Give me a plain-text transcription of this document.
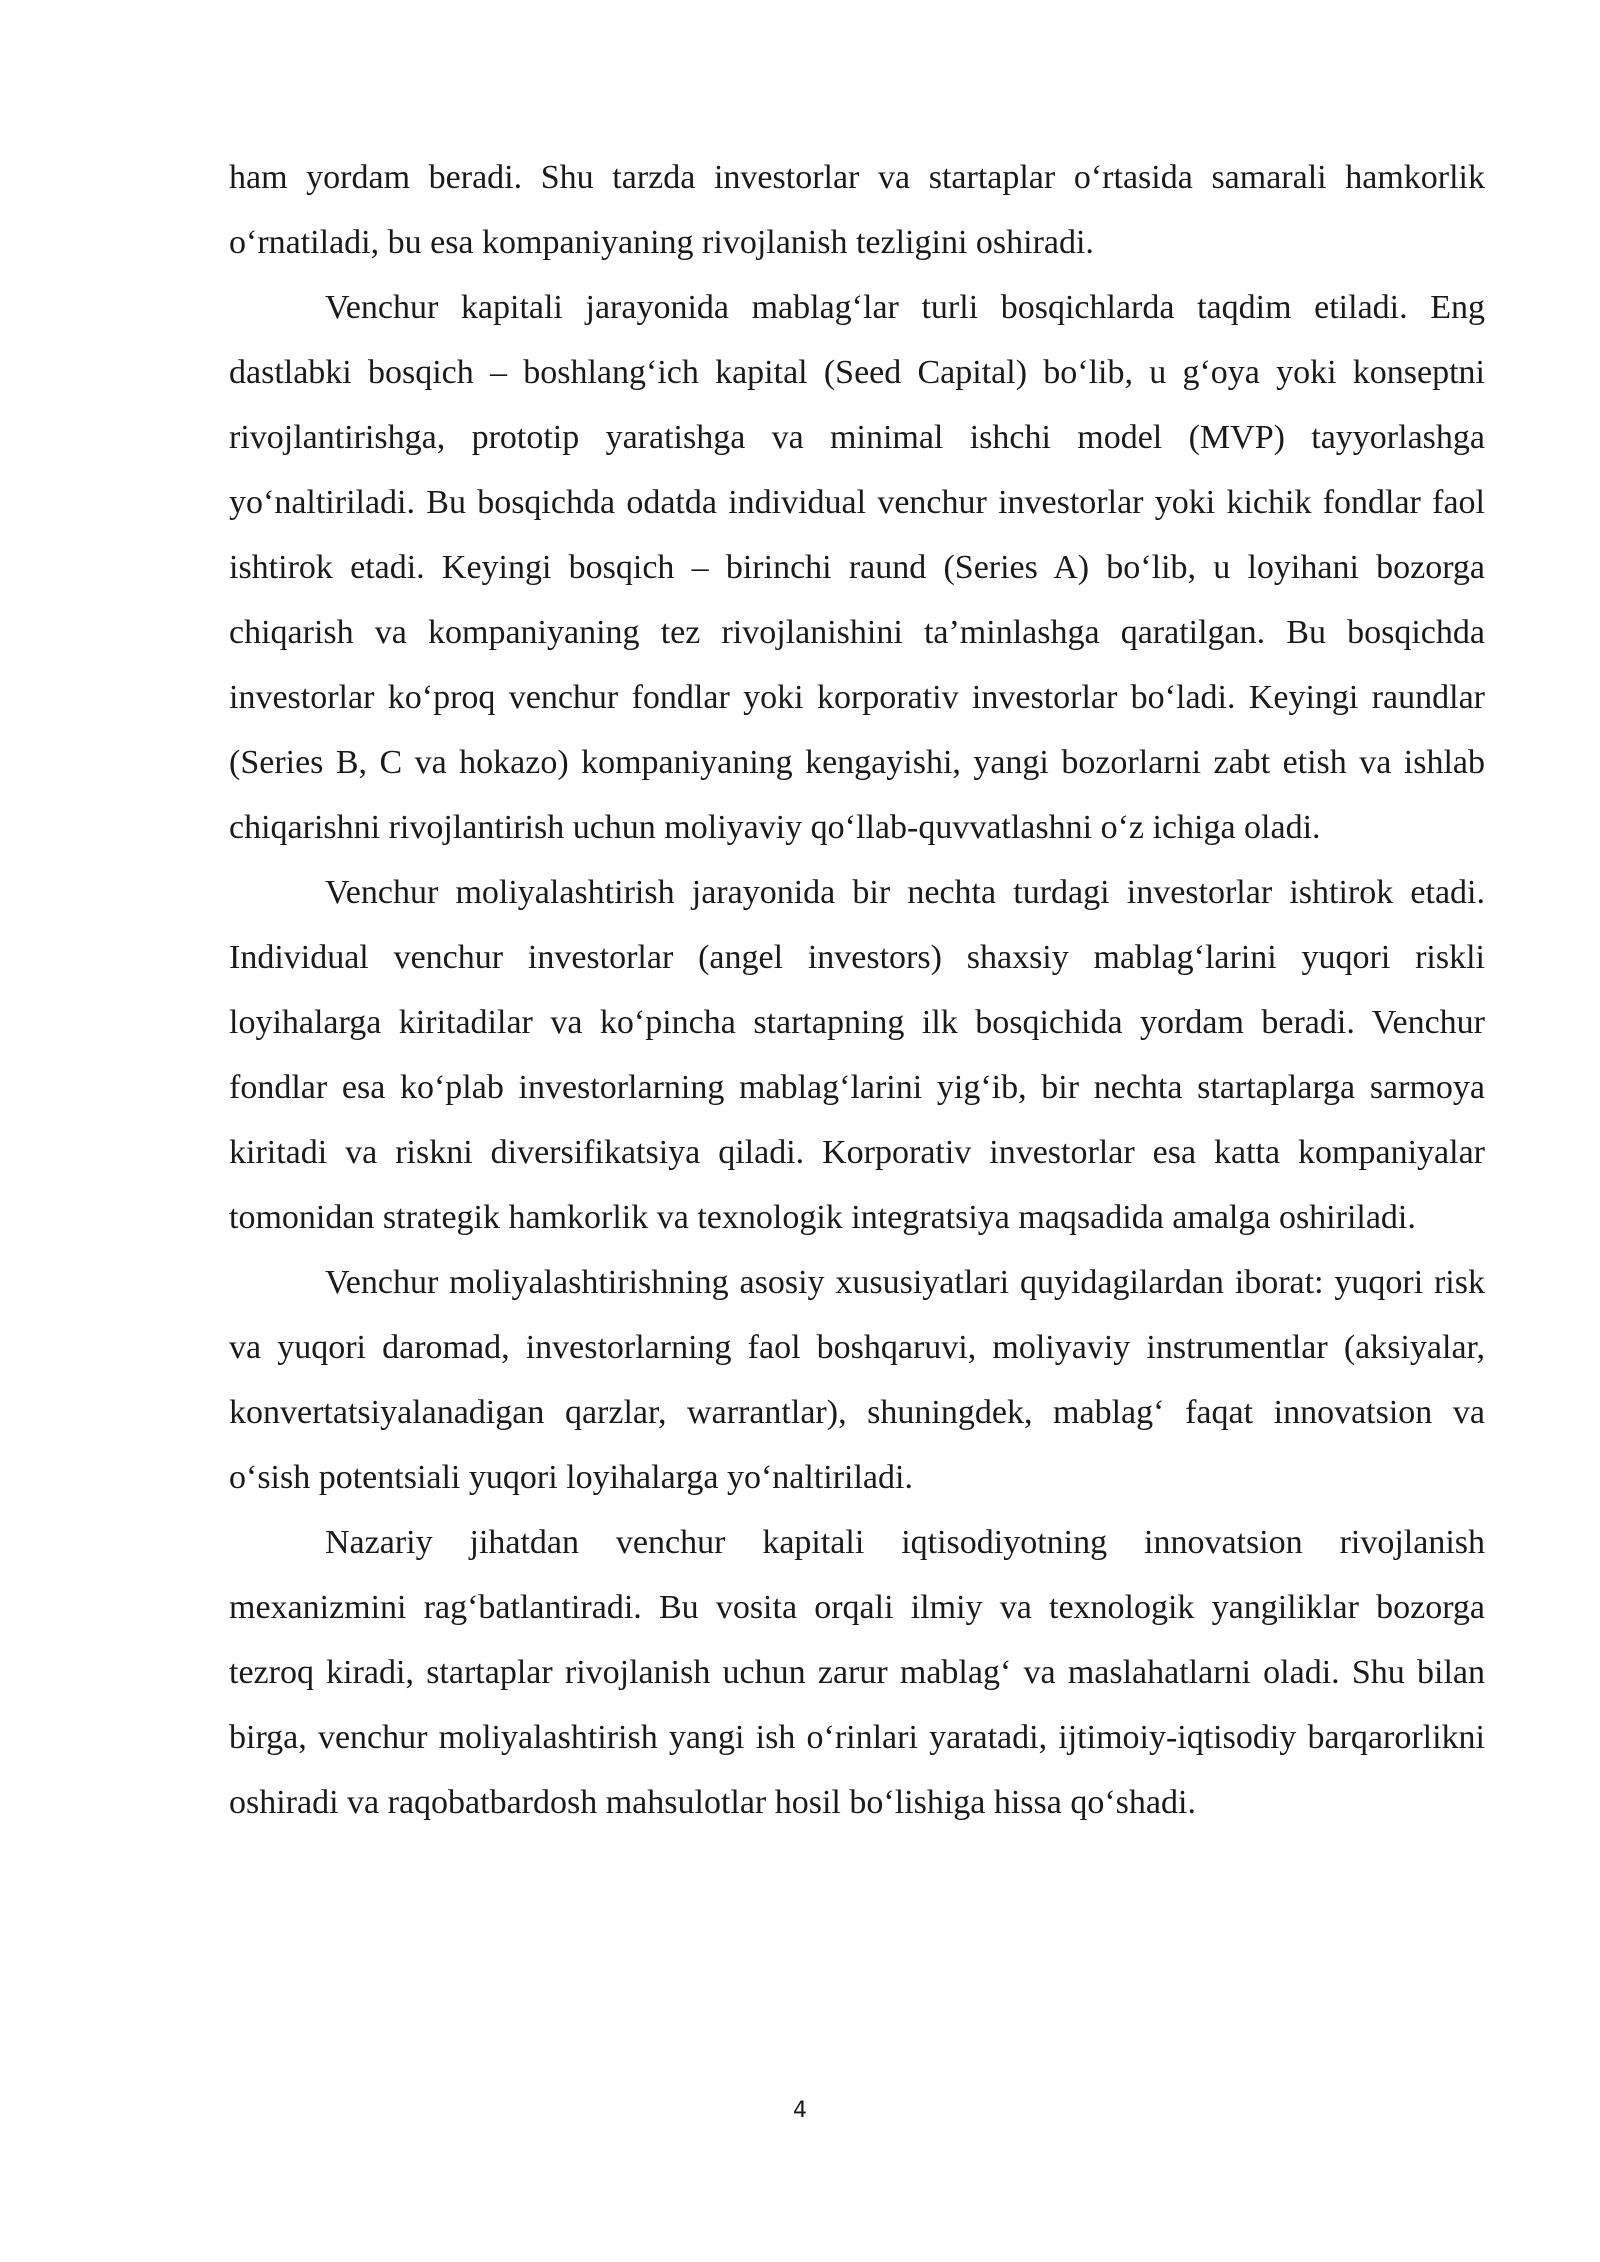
ham yordam beradi. Shu tarzda investorlar va startaplar o‘rtasida samarali hamkorlik o‘rnatiladi, bu esa kompaniyaning rivojlanish tezligini oshiradi.

Venchur kapitali jarayonida mablag‘lar turli bosqichlarda taqdim etiladi. Eng dastlabki bosqich – boshlang‘ich kapital (Seed Capital) bo‘lib, u g‘oya yoki konseptni rivojlantirishga, prototip yaratishga va minimal ishchi model (MVP) tayyorlashga yo‘naltiriladi. Bu bosqichda odatda individual venchur investorlar yoki kichik fondlar faol ishtirok etadi. Keyingi bosqich – birinchi raund (Series A) bo‘lib, u loyihani bozorga chiqarish va kompaniyaning tez rivojlanishini ta’minlashga qaratilgan. Bu bosqichda investorlar ko‘proq venchur fondlar yoki korporativ investorlar bo‘ladi. Keyingi raundlar (Series B, C va hokazo) kompaniyaning kengayishi, yangi bozorlarni zabt etish va ishlab chiqarishni rivojlantirish uchun moliyaviy qo‘llab-quvvatlashni o‘z ichiga oladi.

Venchur moliyalashtirish jarayonida bir nechta turdagi investorlar ishtirok etadi. Individual venchur investorlar (angel investors) shaxsiy mablag‘larini yuqori riskli loyihalarga kiritadilar va ko‘pincha startapning ilk bosqichida yordam beradi. Venchur fondlar esa ko‘plab investorlarning mablag‘larini yig‘ib, bir nechta startaplarga sarmoya kiritadi va riskni diversifikatsiya qiladi. Korporativ investorlar esa katta kompaniyalar tomonidan strategik hamkorlik va texnologik integratsiya maqsadida amalga oshiriladi.

Venchur moliyalashtirishning asosiy xususiyatlari quyidagilardan iborat: yuqori risk va yuqori daromad, investorlarning faol boshqaruvi, moliyaviy instrumentlar (aksiyalar, konvertatsiyalanadigan qarzlar, warrantlar), shuningdek, mablag‘ faqat innovatsion va o‘sish potentsiali yuqori loyihalarga yo‘naltiriladi.

Nazariy jihatdan venchur kapitali iqtisodiyotning innovatsion rivojlanish mexanizmini rag‘batlantiradi. Bu vosita orqali ilmiy va texnologik yangiliklar bozorga tezroq kiradi, startaplar rivojlanish uchun zarur mablag‘ va maslahatlarni oladi. Shu bilan birga, venchur moliyalashtirish yangi ish o‘rinlari yaratadi, ijtimoiy-iqtisodiy barqarorlikni oshiradi va raqobatbardosh mahsulotlar hosil bo‘lishiga hissa qo‘shadi.

4
